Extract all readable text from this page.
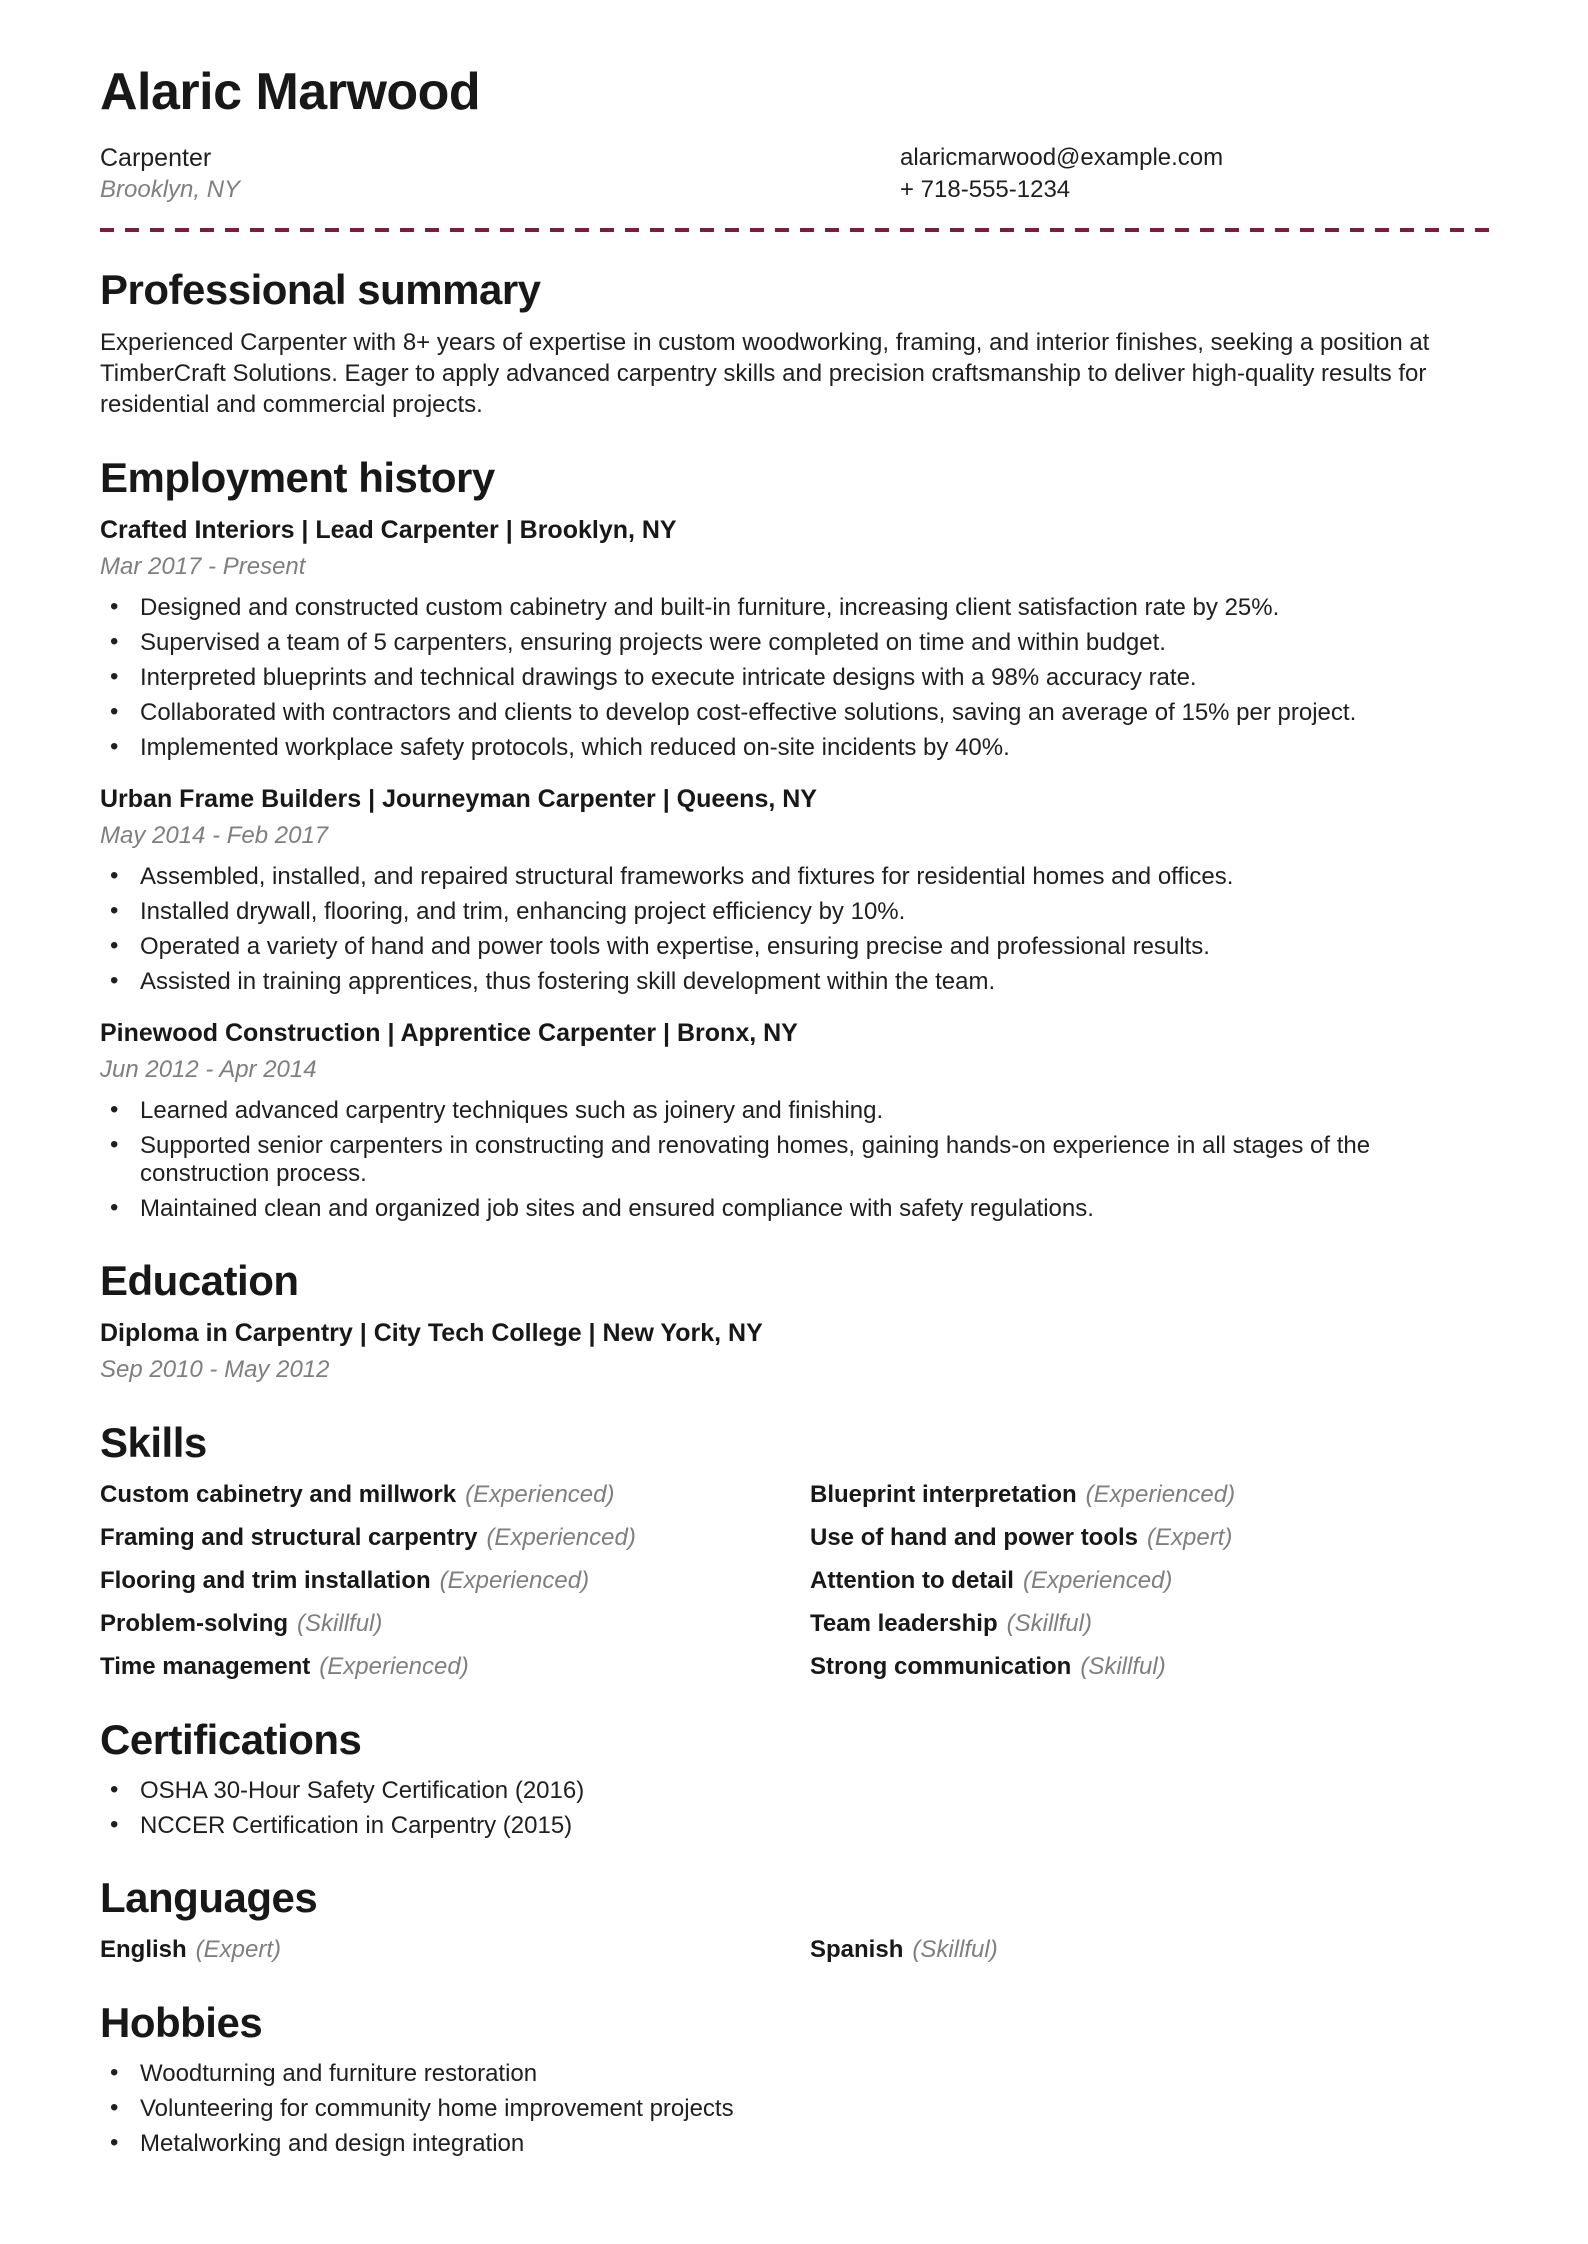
Alaric Marwood
Carpenter
Brooklyn, NY
alaricmarwood@example.com
+ 718-555-1234
Professional summary

Experienced Carpenter with 8+ years of expertise in custom woodworking, framing, and interior finishes, seeking a position at TimberCraft Solutions. Eager to apply advanced carpentry skills and precision craftsmanship to deliver high-quality results for residential and commercial projects.

Employment history
Crafted Interiors | Lead Carpenter | Brooklyn, NY
Mar 2017 - Present
• Designed and constructed custom cabinetry and built-in furniture, increasing client satisfaction rate by 25%.
• Supervised a team of 5 carpenters, ensuring projects were completed on time and within budget.
• Interpreted blueprints and technical drawings to execute intricate designs with a 98% accuracy rate.
• Collaborated with contractors and clients to develop cost-effective solutions, saving an average of 15% per project.
• Implemented workplace safety protocols, which reduced on-site incidents by 40%.
Urban Frame Builders | Journeyman Carpenter | Queens, NY
May 2014 - Feb 2017
• Assembled, installed, and repaired structural frameworks and fixtures for residential homes and offices.
• Installed drywall, flooring, and trim, enhancing project efficiency by 10%.
• Operated a variety of hand and power tools with expertise, ensuring precise and professional results.
• Assisted in training apprentices, thus fostering skill development within the team.
Pinewood Construction | Apprentice Carpenter | Bronx, NY
Jun 2012 - Apr 2014
• Learned advanced carpentry techniques such as joinery and finishing.
• Supported senior carpenters in constructing and renovating homes, gaining hands-on experience in all stages of the construction process.
• Maintained clean and organized job sites and ensured compliance with safety regulations.
Education
Diploma in Carpentry | City Tech College | New York, NY
Sep 2010 - May 2012
Skills
Custom cabinetry and millwork (Experienced)
Framing and structural carpentry (Experienced)
Flooring and trim installation (Experienced)
Problem-solving (Skillful)
Time management (Experienced)
Blueprint interpretation (Experienced)
Use of hand and power tools (Expert)
Attention to detail (Experienced)
Team leadership (Skillful)
Strong communication (Skillful)
Certifications
• OSHA 30-Hour Safety Certification (2016)
• NCCER Certification in Carpentry (2015)
Languages
English (Expert)	Spanish (Skillful)
Hobbies
• Woodturning and furniture restoration
• Volunteering for community home improvement projects
• Metalworking and design integration
